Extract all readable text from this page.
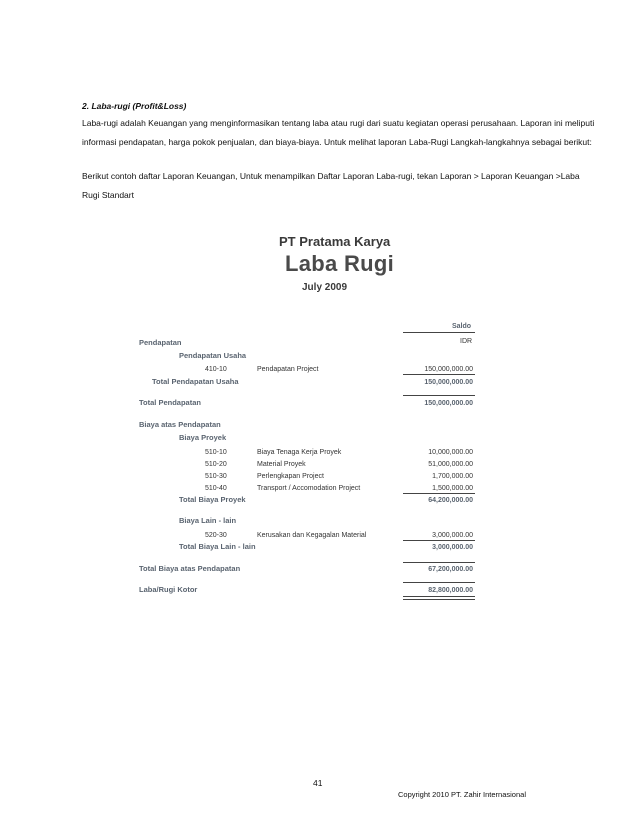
2. Laba-rugi (Profit&Loss)
Laba-rugi adalah Keuangan yang menginformasikan tentang laba atau rugi dari suatu kegiatan operasi perusahaan. Laporan ini meliputi
informasi pendapatan, harga pokok penjualan, dan biaya-biaya. Untuk melihat laporan Laba-Rugi Langkah-langkahnya sebagai berikut:
Berikut contoh daftar Laporan Keuangan, Untuk menampilkan Daftar Laporan Laba-rugi, tekan Laporan > Laporan Keuangan >Laba
Rugi Standart
PT Pratama Karya
Laba Rugi
July 2009
Saldo
IDR
Pendapatan
Pendapatan Usaha
410-10	Pendapatan Project	150,000,000.00
Total Pendapatan Usaha	150,000,000.00
Total Pendapatan	150,000,000.00
Biaya atas Pendapatan
Biaya Proyek
510-10	Biaya Tenaga Kerja Proyek	10,000,000.00
510-20	Material Proyek	51,000,000.00
510-30	Perlengkapan Project	1,700,000.00
510-40	Transport / Accomodation Project	1,500,000.00
Total Biaya Proyek	64,200,000.00
Biaya Lain - lain
520-30	Kerusakan dan Kegagalan Material	3,000,000.00
Total Biaya Lain - lain	3,000,000.00
Total Biaya atas Pendapatan	67,200,000.00
Laba/Rugi Kotor	82,800,000.00
41
Copyright 2010 PT. Zahir Internasional
